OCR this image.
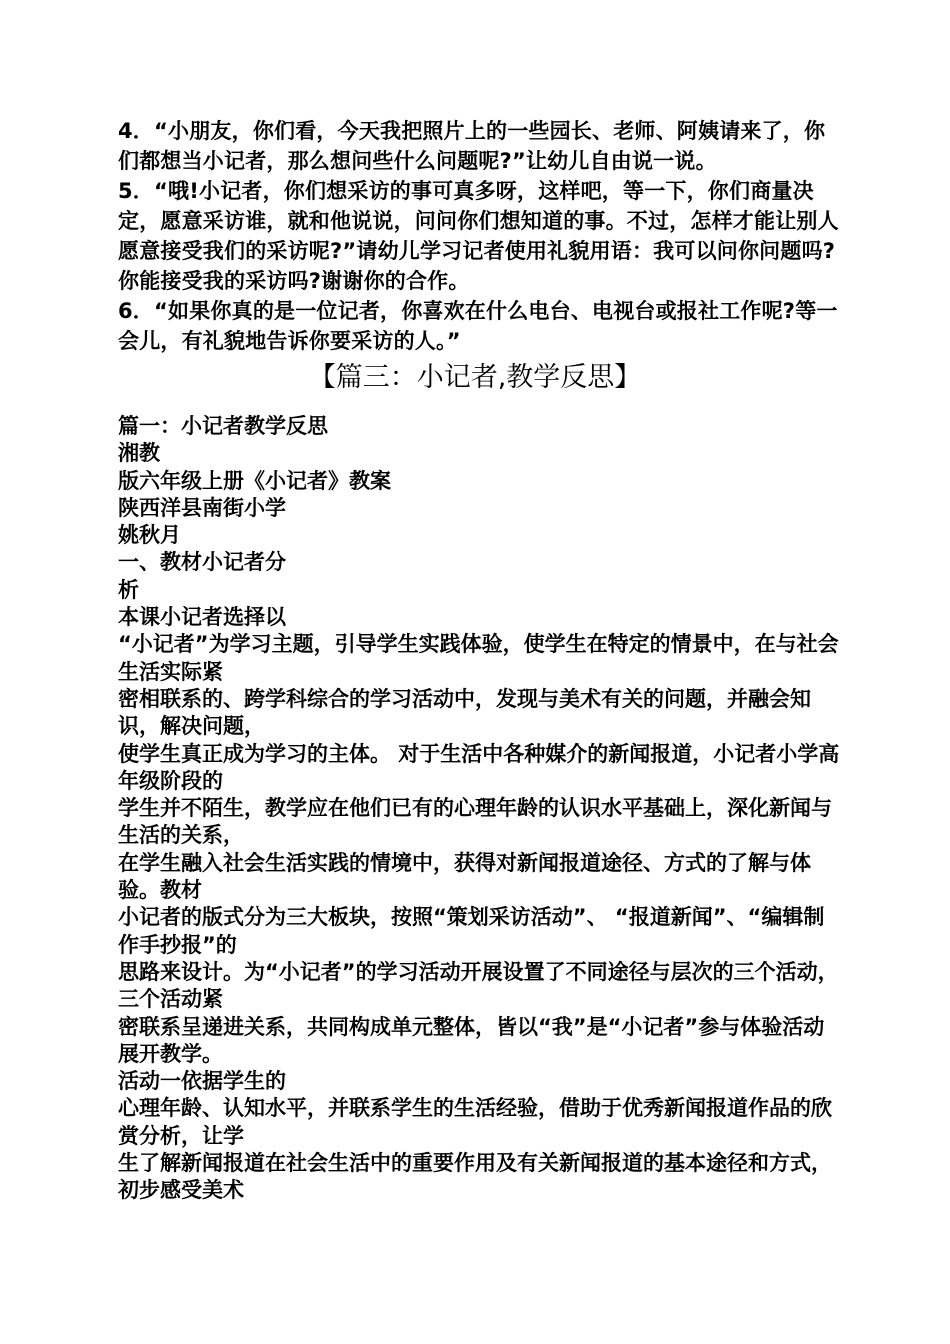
4．“小朋友，你们看，今天我把照片上的一些园长、老师、阿姨请来了，你们都想当小记者，那么想问些什么问题呢?”让幼儿自由说一说。

5．“哦!小记者，你们想采访的事可真多呀，这样吧，等一下，你们商量决定，愿意采访谁，就和他说说，问问你们想知道的事。不过，怎样才能让别人愿意接受我们的采访呢?”请幼儿学习记者使用礼貌用语：我可以问你问题吗?你能接受我的采访吗?谢谢你的合作。

6．“如果你真的是一位记者，你喜欢在什么电台、电视台或报社工作呢?等一会儿，有礼貌地告诉你要采访的人。”

【篇三：小记者,教学反思】

篇一：小记者教学反思

湘教

版六年级上册《小记者》教案

陕西洋县南街小学

姚秋月

一、教材小记者分

析

本课小记者选择以

“小记者”为学习主题，引导学生实践体验，使学生在特定的情景中，在与社会生活实际紧

密相联系的、跨学科综合的学习活动中，发现与美术有关的问题，并融会知识，解决问题，

使学生真正成为学习的主体。 对于生活中各种媒介的新闻报道，小记者小学高年级阶段的

学生并不陌生，教学应在他们已有的心理年龄的认识水平基础上，深化新闻与生活的关系，

在学生融入社会生活实践的情境中，获得对新闻报道途径、方式的了解与体验。教材

小记者的版式分为三大板块，按照“策划采访活动”、 “报道新闻”、“编辑制作手抄报”的

思路来设计。为“小记者”的学习活动开展设置了不同途径与层次的三个活动，三个活动紧

密联系呈递进关系，共同构成单元整体，皆以“我”是“小记者”参与体验活动展开教学。

活动一依据学生的

心理年龄、认知水平，并联系学生的生活经验，借助于优秀新闻报道作品的欣赏分析，让学

生了解新闻报道在社会生活中的重要作用及有关新闻报道的基本途径和方式，初步感受美术
